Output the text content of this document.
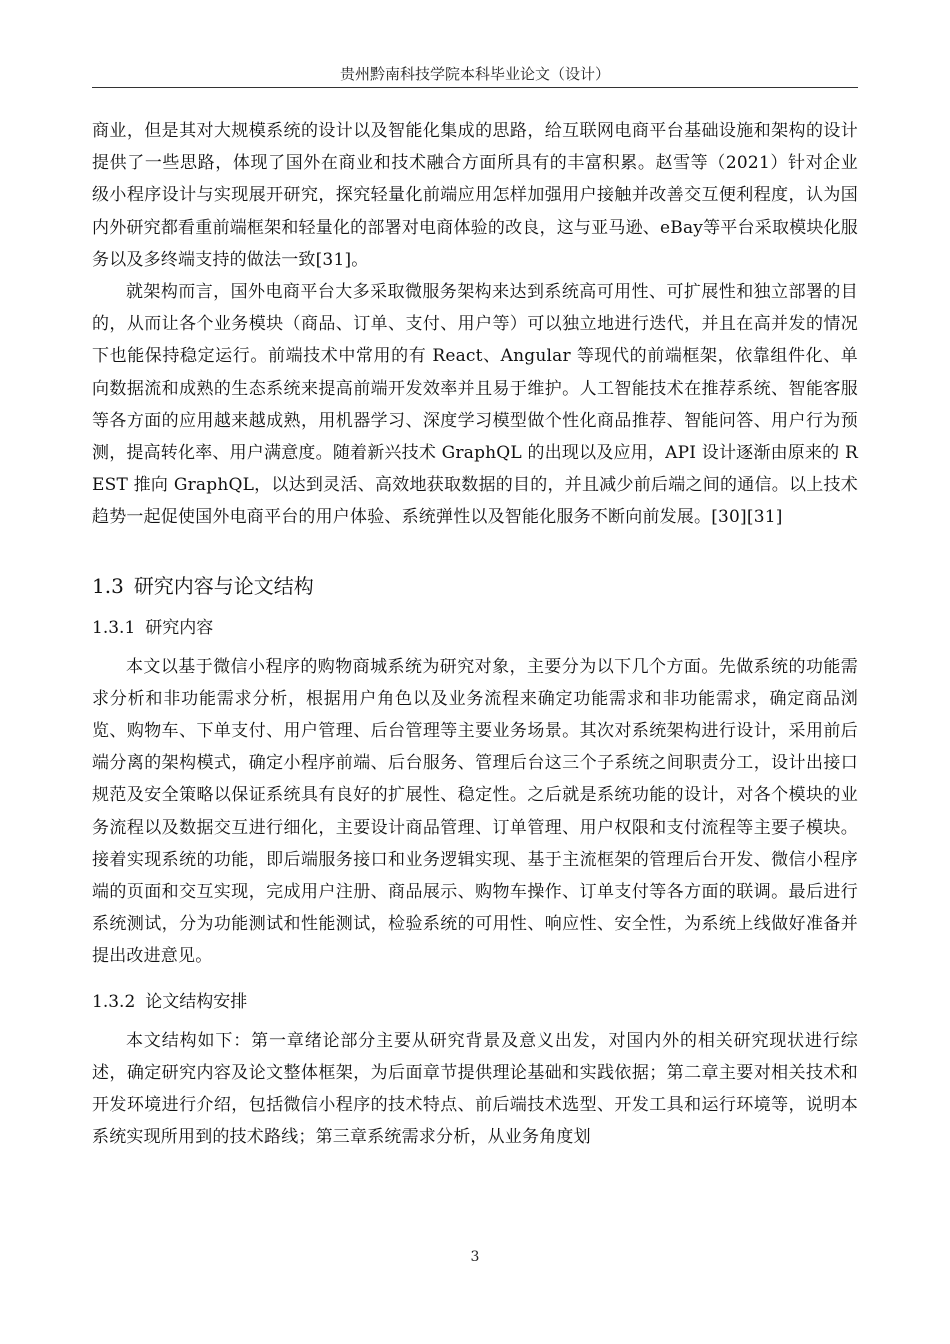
贵州黔南科技学院本科毕业论文（设计）

商业，但是其对大规模系统的设计以及智能化集成的思路，给互联网电商平台基础设施和架构的设计提供了一些思路，体现了国外在商业和技术融合方面所具有的丰富积累。赵雪等（2021）针对企业级小程序设计与实现展开研究，探究轻量化前端应用怎样加强用户接触并改善交互便利程度，认为国内外研究都看重前端框架和轻量化的部署对电商体验的改良，这与亚马逊、eBay等平台采取模块化服务以及多终端支持的做法一致[31]。

就架构而言，国外电商平台大多采取微服务架构来达到系统高可用性、可扩展性和独立部署的目的，从而让各个业务模块（商品、订单、支付、用户等）可以独立地进行迭代，并且在高并发的情况下也能保持稳定运行。前端技术中常用的有 React、Angular 等现代的前端框架，依靠组件化、单向数据流和成熟的生态系统来提高前端开发效率并且易于维护。人工智能技术在推荐系统、智能客服等各方面的应用越来越成熟，用机器学习、深度学习模型做个性化商品推荐、智能问答、用户行为预测，提高转化率、用户满意度。随着新兴技术 GraphQL 的出现以及应用，API 设计逐渐由原来的 REST 推向 GraphQL，以达到灵活、高效地获取数据的目的，并且减少前后端之间的通信。以上技术趋势一起促使国外电商平台的用户体验、系统弹性以及智能化服务不断向前发展。[30][31]

1.3 研究内容与论文结构
1.3.1 研究内容

本文以基于微信小程序的购物商城系统为研究对象，主要分为以下几个方面。先做系统的功能需求分析和非功能需求分析，根据用户角色以及业务流程来确定功能需求和非功能需求，确定商品浏览、购物车、下单支付、用户管理、后台管理等主要业务场景。其次对系统架构进行设计，采用前后端分离的架构模式，确定小程序前端、后台服务、管理后台这三个子系统之间职责分工，设计出接口规范及安全策略以保证系统具有良好的扩展性、稳定性。之后就是系统功能的设计，对各个模块的业务流程以及数据交互进行细化，主要设计商品管理、订单管理、用户权限和支付流程等主要子模块。接着实现系统的功能，即后端服务接口和业务逻辑实现、基于主流框架的管理后台开发、微信小程序端的页面和交互实现，完成用户注册、商品展示、购物车操作、订单支付等各方面的联调。最后进行系统测试，分为功能测试和性能测试，检验系统的可用性、响应性、安全性，为系统上线做好准备并提出改进意见。

1.3.2 论文结构安排

本文结构如下：第一章绪论部分主要从研究背景及意义出发，对国内外的相关研究现状进行综述，确定研究内容及论文整体框架，为后面章节提供理论基础和实践依据；第二章主要对相关技术和开发环境进行介绍，包括微信小程序的技术特点、前后端技术选型、开发工具和运行环境等，说明本系统实现所用到的技术路线；第三章系统需求分析，从业务角度划

3
